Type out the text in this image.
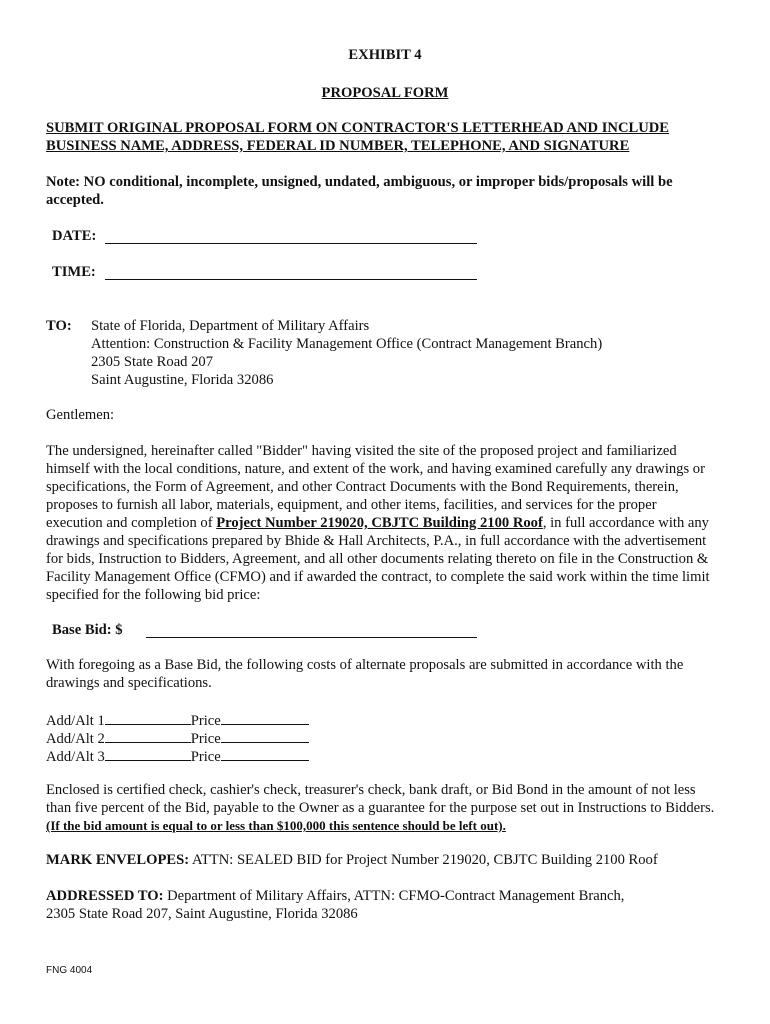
EXHIBIT 4
PROPOSAL FORM
SUBMIT ORIGINAL PROPOSAL FORM ON CONTRACTOR'S LETTERHEAD AND INCLUDE
BUSINESS NAME, ADDRESS, FEDERAL ID NUMBER, TELEPHONE, AND SIGNATURE
Note: NO conditional, incomplete, unsigned, undated, ambiguous, or improper bids/proposals will be
accepted.
DATE:
TIME:
TO: State of Florida, Department of Military Affairs
Attention: Construction & Facility Management Office (Contract Management Branch)
2305 State Road 207
Saint Augustine, Florida 32086
Gentlemen:
The undersigned, hereinafter called "Bidder" having visited the site of the proposed project and familiarized
himself with the local conditions, nature, and extent of the work, and having examined carefully any drawings or
specifications, the Form of Agreement, and other Contract Documents with the Bond Requirements, therein,
proposes to furnish all labor, materials, equipment, and other items, facilities, and services for the proper
execution and completion of Project Number 219020, CBJTC Building 2100 Roof, in full accordance with any
drawings and specifications prepared by Bhide & Hall Architects, P.A., in full accordance with the advertisement
for bids, Instruction to Bidders, Agreement, and all other documents relating thereto on file in the Construction &
Facility Management Office (CFMO) and if awarded the contract, to complete the said work within the time limit
specified for the following bid price:
Base Bid: $
With foregoing as a Base Bid, the following costs of alternate proposals are submitted in accordance with the
drawings and specifications.
Add/Alt 1	Price
Add/Alt 2	Price
Add/Alt 3	Price
Enclosed is certified check, cashier's check, treasurer's check, bank draft, or Bid Bond in the amount of not less
than five percent of the Bid, payable to the Owner as a guarantee for the purpose set out in Instructions to Bidders.
(If the bid amount is equal to or less than $100,000 this sentence should be left out).
MARK ENVELOPES: ATTN: SEALED BID for Project Number 219020, CBJTC Building 2100 Roof
ADDRESSED TO: Department of Military Affairs, ATTN: CFMO-Contract Management Branch,
2305 State Road 207, Saint Augustine, Florida 32086
FNG 4004
